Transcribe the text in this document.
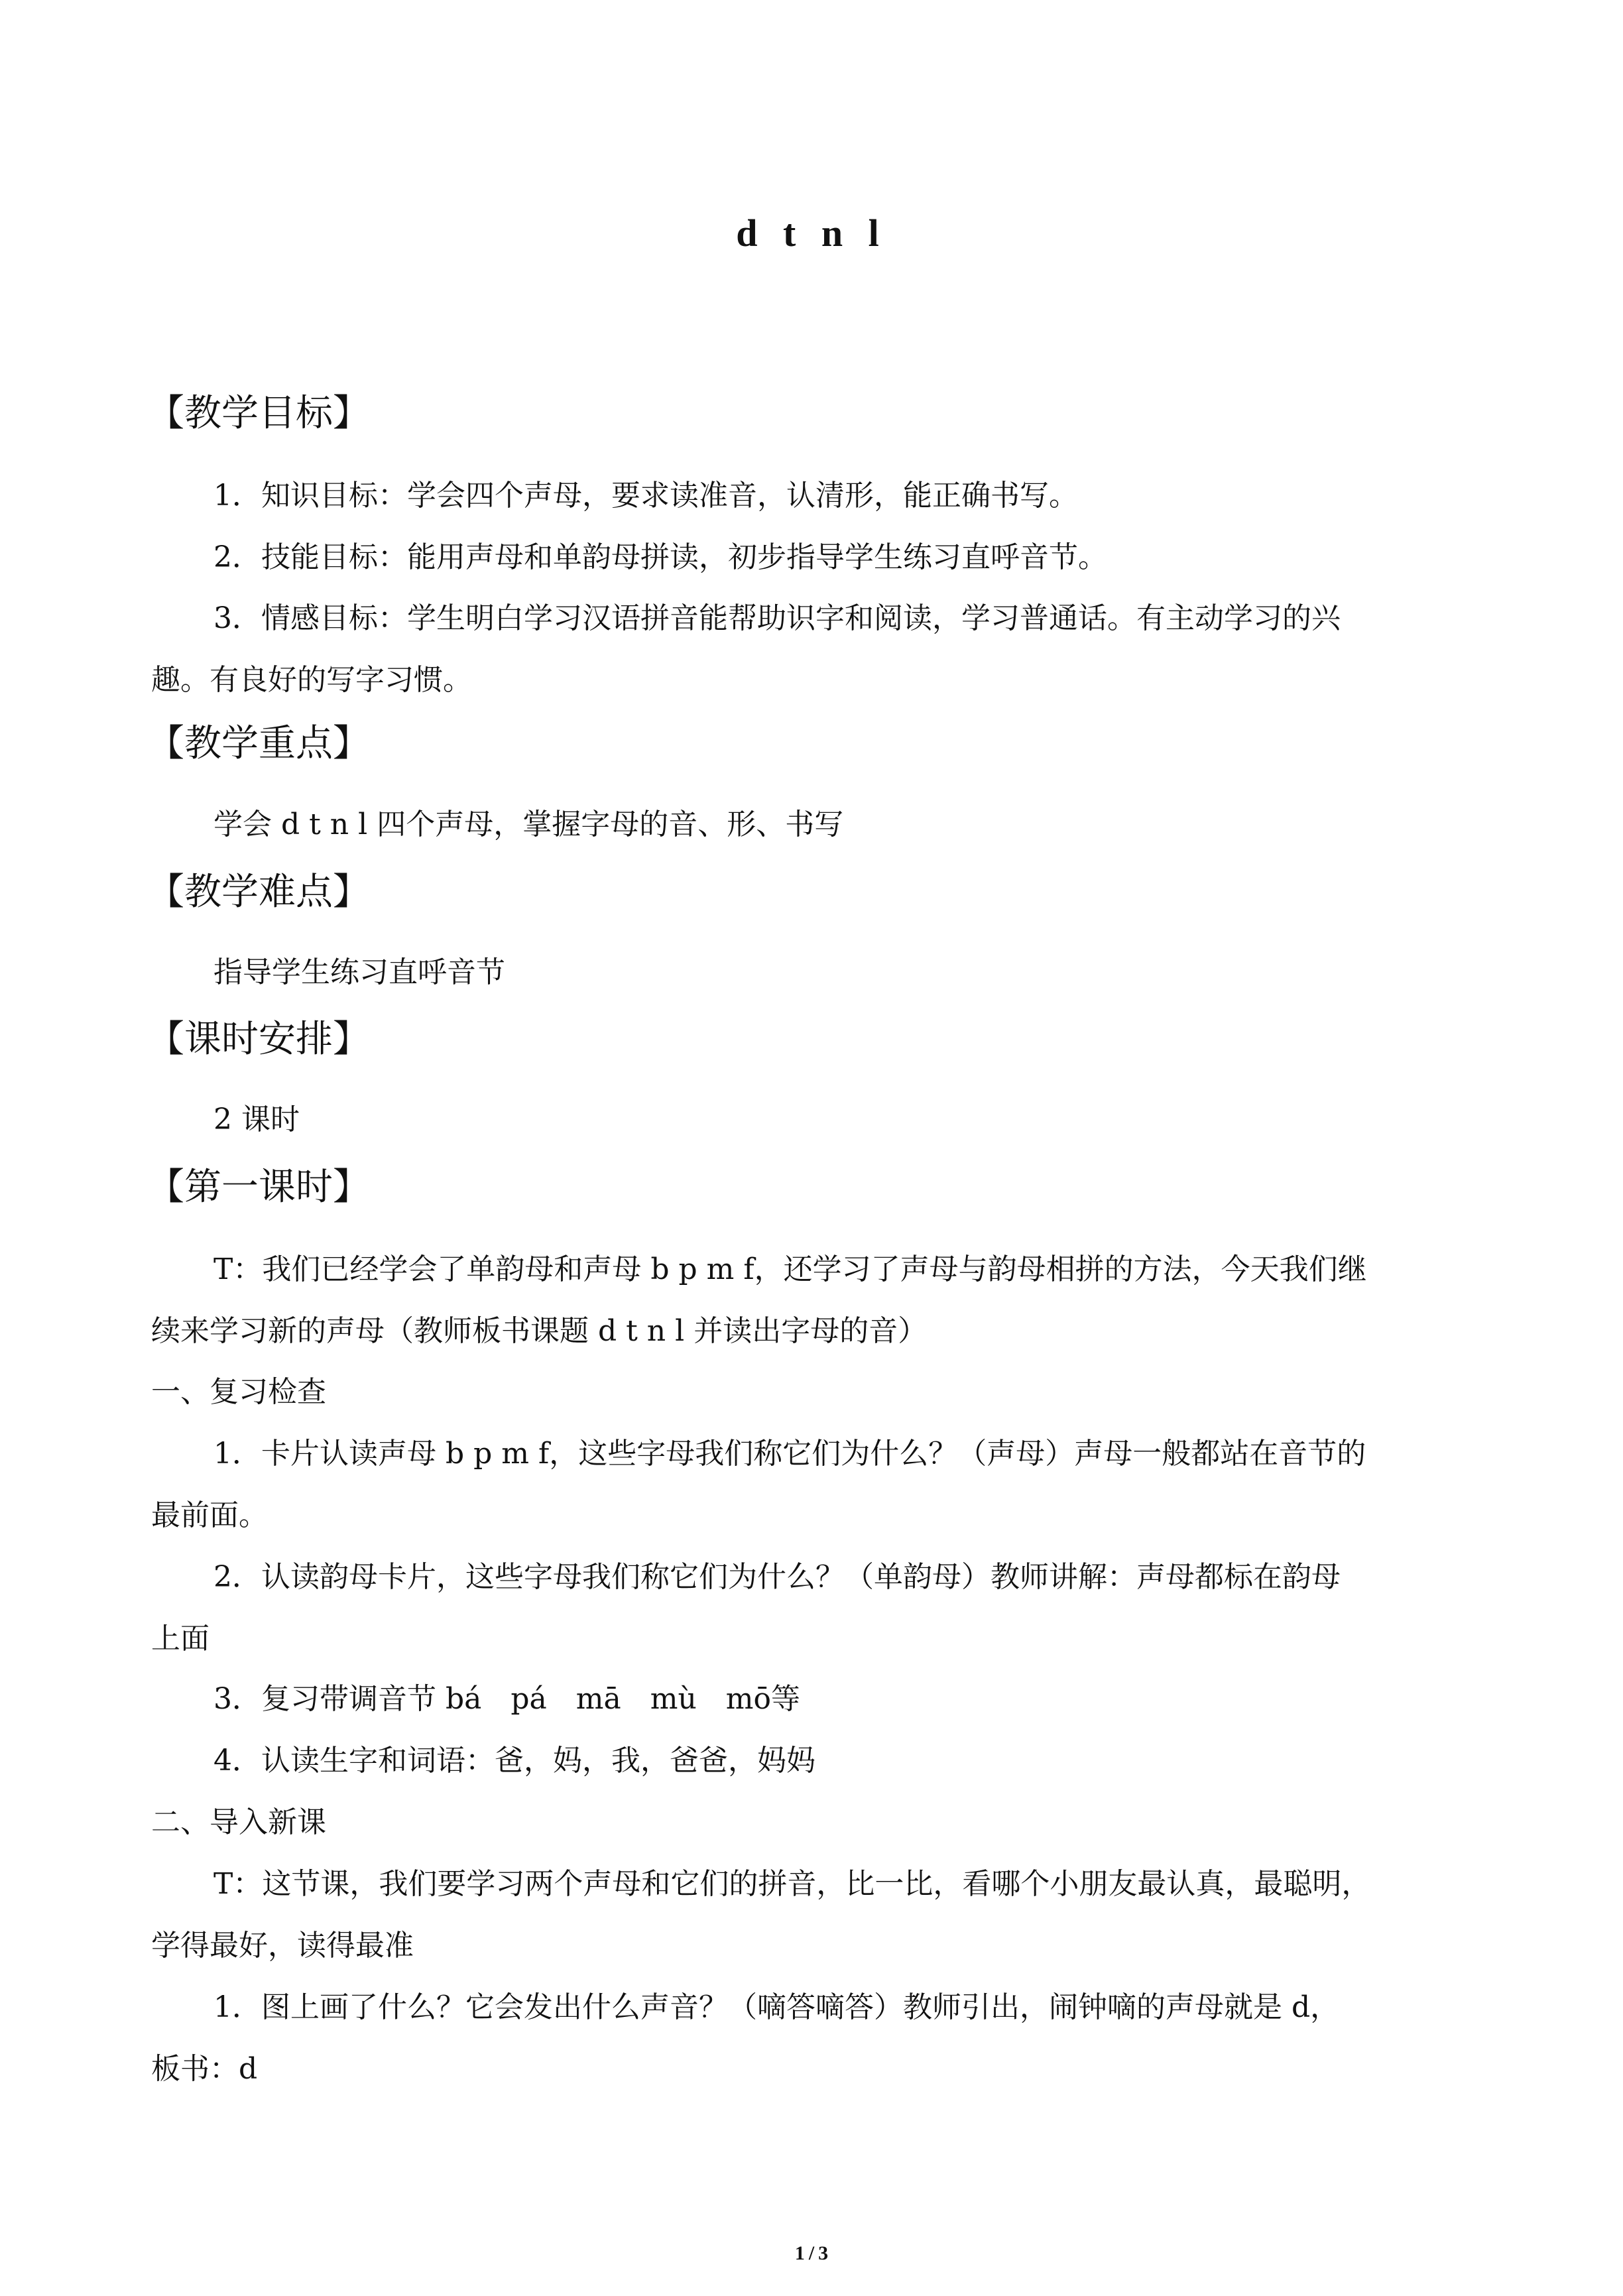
d t n l
【教学目标】
1．知识目标：学会四个声母，要求读准音，认清形，能正确书写。
2．技能目标：能用声母和单韵母拼读，初步指导学生练习直呼音节。
3．情感目标：学生明白学习汉语拼音能帮助识字和阅读，学习普通话。有主动学习的兴
趣。有良好的写字习惯。
【教学重点】
学会 d t n l 四个声母，掌握字母的音、形、书写
【教学难点】
指导学生练习直呼音节
【课时安排】
2 课时
【第一课时】
T：我们已经学会了单韵母和声母 b p m f，还学习了声母与韵母相拼的方法，今天我们继
续来学习新的声母（教师板书课题 d t n l 并读出字母的音）
一、复习检查
1．卡片认读声母 b p m f，这些字母我们称它们为什么？（声母）声母一般都站在音节的
最前面。
2．认读韵母卡片，这些字母我们称它们为什么？（单韵母）教师讲解：声母都标在韵母
上面
3．复习带调音节 bá　pá　mā　mù　mō等
4．认读生字和词语：爸，妈，我，爸爸，妈妈
二、导入新课
T：这节课，我们要学习两个声母和它们的拼音，比一比，看哪个小朋友最认真，最聪明，
学得最好，读得最准
1．图上画了什么？它会发出什么声音？（嘀答嘀答）教师引出，闹钟嘀的声母就是 d，
板书：d
1 / 3
